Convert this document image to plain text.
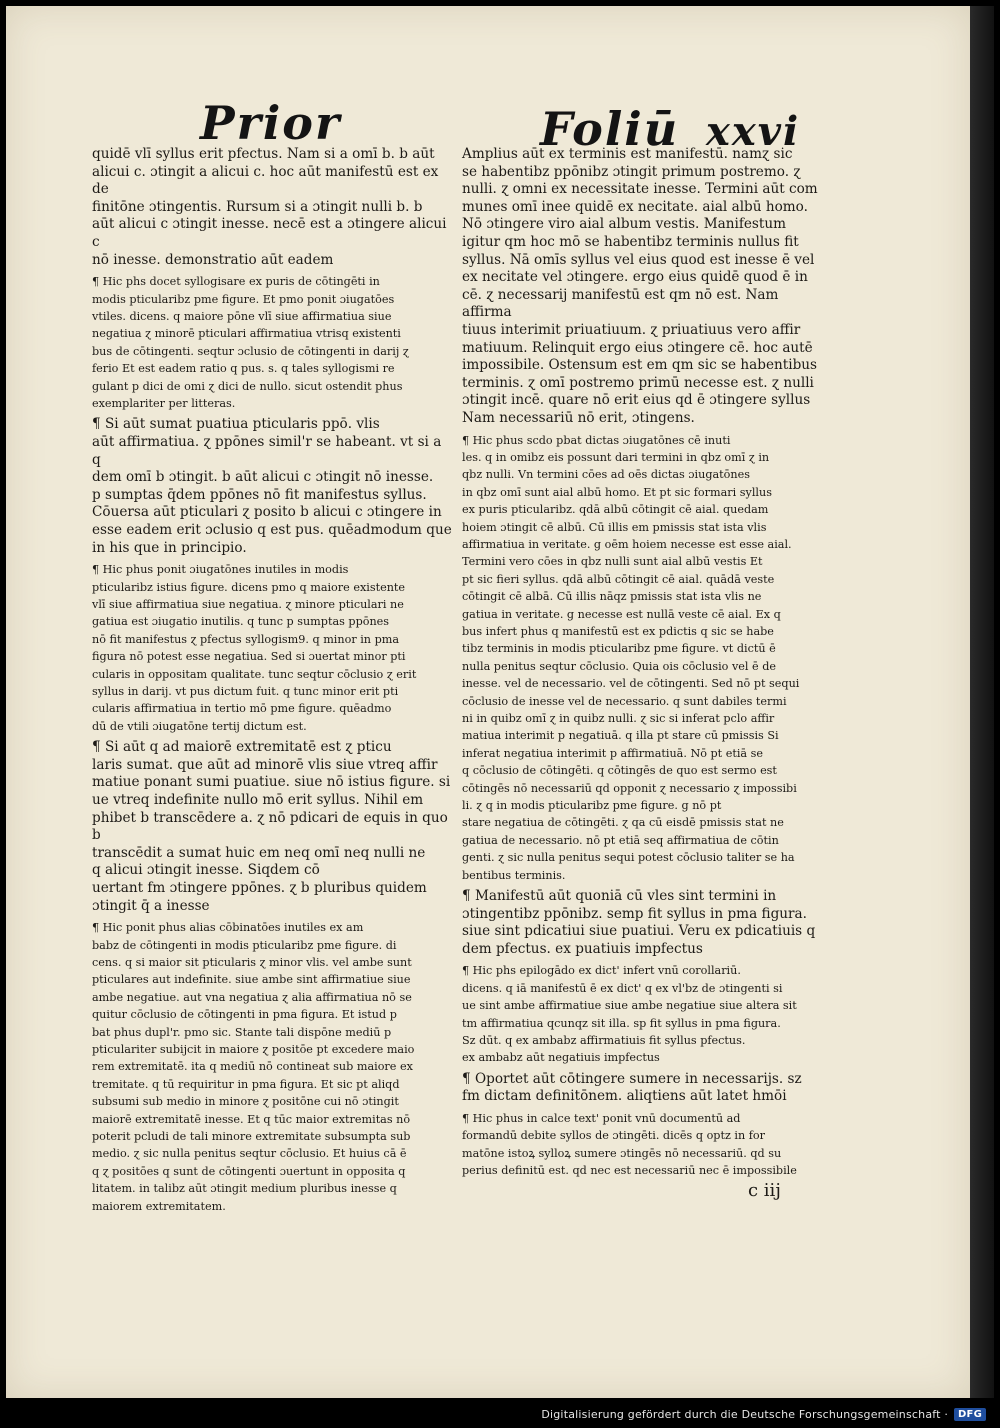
Prior	Foliū xxvi

quidē vlī syllus erit pfectus. Nam si a omī b. b aūt
alicui c. ɔtingit a alicui c. hoc aūt manifestū est ex de
finitōne ɔtingentis. Rursum si a ɔtingit nulli b. b
aūt alicui c ɔtingit inesse. necē est a ɔtingere alicui c
nō inesse. demonstratio aūt eadem

¶ Hic phs docet syllogisare ex puris de cōtingēti in
modis pticularibz pme figure. Et pmo ponit ɔiugatōes
vtiles. dicens. q maiore pōne vlī siue affirmatiua siue
negatiua ɀ minorē pticulari affirmatiua vtrisq existenti
bus de cōtingenti. seqtur ɔclusio de cōtingenti in darij ɀ
ferio Et est eadem ratio q pus. s. q tales syllogismi re
gulant p dici de omi ɀ dici de nullo. sicut ostendit phus
exemplariter per litteras.

¶ Si aūt sumat puatiua pticularis ppō. vlis
aūt affirmatiua. ɀ ppōnes simil'r se habeant. vt si a q
dem omī b ɔtingit. b aūt alicui c ɔtingit nō inesse.
p sumptas q̄dem ppōnes nō fit manifestus syllus.
Cōuersa aūt pticulari ɀ posito b alicui c ɔtingere in
esse eadem erit ɔclusio q est pus. quēadmodum que
in his que in principio.

¶ Hic phus ponit ɔiugatōnes inutiles in modis
pticularibz istius figure. dicens pmo q maiore existente
vlī siue affirmatiua siue negatiua. ɀ minore pticulari ne
gatiua est ɔiugatio inutilis. q tunc p sumptas ppōnes
nō fit manifestus ɀ pfectus syllogism9. q minor in pma
figura nō potest esse negatiua. Sed si ɔuertat minor pti
cularis in oppositam qualitate. tunc seqtur cōclusio ɀ erit
syllus in darij. vt pus dictum fuit. q tunc minor erit pti
cularis affirmatiua in tertio mō pme figure. quēadmo
dū de vtili ɔiugatōne tertij dictum est.

¶ Si aūt q ad maiorē extremitatē est ɀ pticu
laris sumat. que aūt ad minorē vlis siue vtreq affir
matiue ponant sumi puatiue. siue nō istius figure. si
ue vtreq indefinite nullo mō erit syllus. Nihil em
phibet b transcēdere a. ɀ nō pdicari de equis in quo b
transcēdit a sumat huic em neq omī neq nulli ne
q alicui ɔtingit inesse. Siqdem cō
uertant fm ɔtingere ppōnes. ɀ b pluribus quidem
ɔtingit q̄ a inesse

¶ Hic ponit phus alias cōbinatōes inutiles ex am
babz de cōtingenti in modis pticularibz pme figure. di
cens. q si maior sit pticularis ɀ minor vlis. vel ambe sunt
pticulares aut indefinite. siue ambe sint affirmatiue siue
ambe negatiue. aut vna negatiua ɀ alia affirmatiua nō se
quitur cōclusio de cōtingenti in pma figura. Et istud p
bat phus dupl'r. pmo sic. Stante tali dispōne mediū p
pticulariter subijcit in maiore ɀ positōe pt excedere maio
rem extremitatē. ita q mediū nō contineat sub maiore ex
tremitate. q tū requiritur in pma figura. Et sic pt aliqd
subsumi sub medio in minore ɀ positōne cui nō ɔtingit
maiorē extremitatē inesse. Et q tūc maior extremitas nō
poterit pcludi de tali minore extremitate subsumpta sub
medio. ɀ sic nulla penitus seqtur cōclusio. Et huius cā ē
q ɀ positōes q sunt de cōtingenti ɔuertunt in opposita q
litatem. in talibz aūt ɔtingit medium pluribus inesse q
maiorem extremitatem.

Amplius aūt ex terminis est manifestū. namɀ sic
se habentibz ppōnibz ɔtingit primum postremo. ɀ
nulli. ɀ omni ex necessitate inesse. Termini aūt com
munes omī inee quidē ex necitate. aial albū homo.
Nō ɔtingere viro aial album vestis. Manifestum
igitur qm hoc mō se habentibz terminis nullus fit
syllus. Nā omīs syllus vel eius quod est inesse ē vel
ex necitate vel ɔtingere. ergo eius quidē quod ē in
cē. ɀ necessarij manifestū est qm nō est. Nam affirma
tiuus interimit priuatiuum. ɀ priuatiuus vero affir
matiuum. Relinquit ergo eius ɔtingere cē. hoc autē
impossibile. Ostensum est em qm sic se habentibus
terminis. ɀ omī postremo primū necesse est. ɀ nulli
ɔtingit incē. quare nō erit eius qd ē ɔtingere syllus
Nam necessariū nō erit, ɔtingens.

¶ Hic phus scdo pbat dictas ɔiugatōnes cē inuti
les. q in omibz eis possunt dari termini in qbz omī ɀ in
qbz nulli. Vn termini cōes ad oēs dictas ɔiugatōnes
in qbz omī sunt aial albū homo. Et pt sic formari syllus
ex puris pticularibz. qdā albū cōtingit cē aial. quedam
hoiem ɔtingit cē albū. Cū illis em pmissis stat ista vlis
affirmatiua in veritate. g oēm hoiem necesse est esse aial.
Termini vero cōes in qbz nulli sunt aial albū vestis Et
pt sic fieri syllus. qdā albū cōtingit cē aial. quādā veste
cōtingit cē albā. Cū illis nāqz pmissis stat ista vlis ne
gatiua in veritate. g necesse est nullā veste cē aial. Ex q
bus infert phus q manifestū est ex pdictis q sic se habe
tibz terminis in modis pticularibz pme figure. vt dictū ē
nulla penitus seqtur cōclusio. Quia ois cōclusio vel ē de
inesse. vel de necessario. vel de cōtingenti. Sed nō pt sequi
cōclusio de inesse vel de necessario. q sunt dabiles termi
ni in quibz omī ɀ in quibz nulli. ɀ sic si inferat pclo affir
matiua interimit p negatiuā. q illa pt stare cū pmissis Si
inferat negatiua interimit p affirmatiuā. Nō pt etiā se
q cōclusio de cōtingēti. q cōtingēs de quo est sermo est
cōtingēs nō necessariū qd opponit ɀ necessario ɀ impossibi
li. ɀ q in modis pticularibz pme figure. g nō pt
stare negatiua de cōtingēti. ɀ qa cū eisdē pmissis stat ne
gatiua de necessario. nō pt etiā seq affirmatiua de cōtin
genti. ɀ sic nulla penitus sequi potest cōclusio taliter se ha
bentibus terminis.

¶ Manifestū aūt quoniā cū vles sint termini in
ɔtingentibz ppōnibz. semp fit syllus in pma figura.
siue sint pdicatiui siue puatiui. Veru ex pdicatiuis q
dem pfectus. ex puatiuis impfectus

¶ Hic phs epilogādo ex dict' infert vnū corollariū.
dicens. q iā manifestū ē ex dict' q ex vl'bz de ɔtingenti si
ue sint ambe affirmatiue siue ambe negatiue siue altera sit
tm affirmatiua qcunqz sit illa. sp fit syllus in pma figura.
Sz dūt. q ex ambabz affirmatiuis fit syllus pfectus.
ex ambabz aūt negatiuis impfectus

¶ Oportet aūt cōtingere sumere in necessarijs. sz
fm dictam definitōnem. aliqtiens aūt latet hmōi

¶ Hic phus in calce text' ponit vnū documentū ad
formandū debite syllos de ɔtingēti. dicēs q optz in for
matōne istoꝝ sylloꝝ sumere ɔtingēs nō necessariū. qd su
perius definitū est. qd nec est necessariū nec ē impossibile

c iij
Digitalisierung gefördert durch die Deutsche Forschungsgemeinschaft ·	DFG
